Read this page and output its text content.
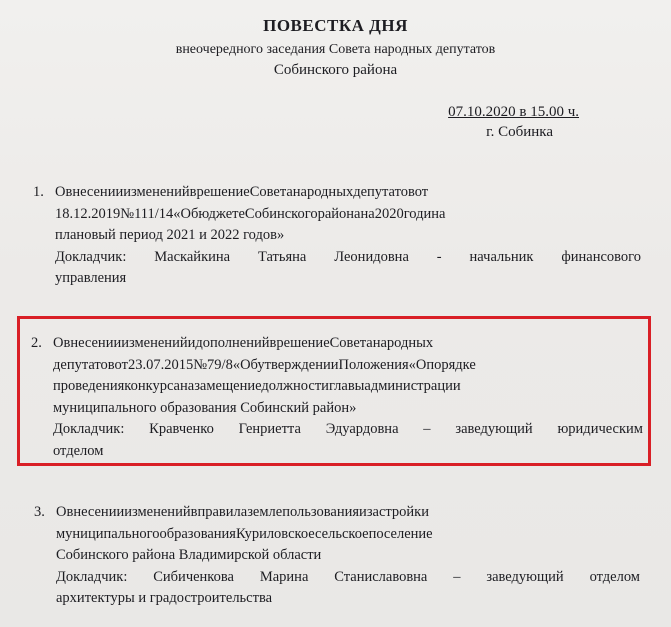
ПОВЕСТКА ДНЯ
внеочередного заседания Совета народных депутатов
Собинского района
07.10.2020 в 15.00 ч.
г. Собинка
1. ОвнесенииизмененийврешениеСоветанародныхдепутатовот
18.12.2019№111/14«ОбюджетеСобинскогорайонана2020година
плановый период 2021 и 2022 годов»
Докладчик: Маскайкина Татьяна Леонидовна - начальник финансового
управления
2. ОвнесенииизмененийидополненийврешениеСоветанародных
депутатовот23.07.2015№79/8«ОбутвержденииПоложения«Опорядке
проведенияконкурсаназамещениедолжностиглавыадминистрации
муниципального образования Собинский район»
Докладчик: Кравченко Генриетта Эдуардовна – заведующий юридическим
отделом
3. Овнесенииизмененийвправилаземлепользованияизастройки
муниципальногообразованияКуриловскоесельскоепоселение
Собинского района Владимирской области
Докладчик: Сибиченкова Марина Станиславовна – заведующий отделом
архитектуры и градостроительства
